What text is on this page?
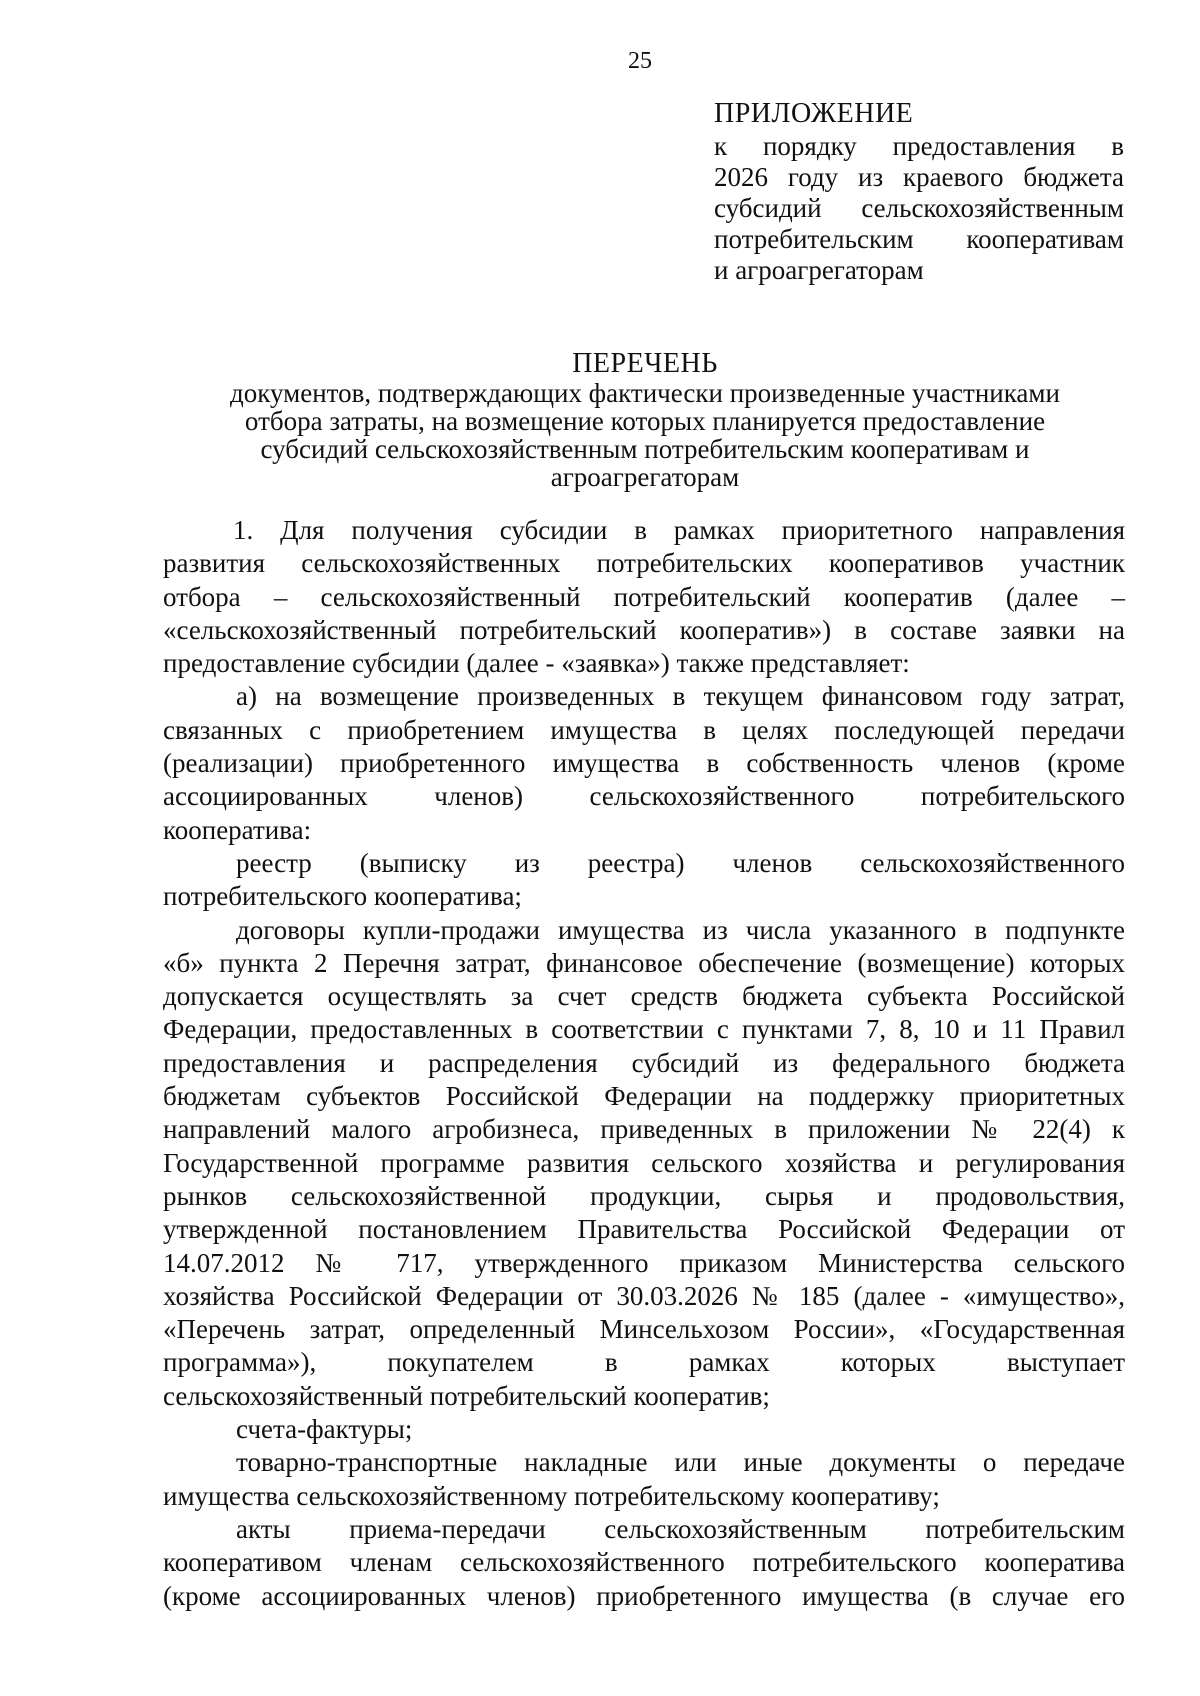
25
ПРИЛОЖЕНИЕ
к порядку предоставления в
2026 году из краевого бюджета
субсидий сельскохозяйственным
потребительским кооперативам
и агроагрегаторам
ПЕРЕЧЕНЬ
документов, подтверждающих фактически произведенные участниками
отбора затраты, на возмещение которых планируется предоставление
субсидий сельскохозяйственным потребительским кооперативам и
агроагрегаторам
1. Для получения субсидии в рамках приоритетного направления
развития сельскохозяйственных потребительских кооперативов участник
отбора – сельскохозяйственный потребительский кооператив (далее –
«сельскохозяйственный потребительский кооператив») в составе заявки на
предоставление субсидии (далее - «заявка») также представляет:
а) на возмещение произведенных в текущем финансовом году затрат,
связанных с приобретением имущества в целях последующей передачи
(реализации) приобретенного имущества в собственность членов (кроме
ассоциированных членов) сельскохозяйственного потребительского
кооператива:
реестр (выписку из реестра) членов сельскохозяйственного
потребительского кооператива;
договоры купли-продажи имущества из числа указанного в подпункте
«б» пункта 2 Перечня затрат, финансовое обеспечение (возмещение) которых
допускается осуществлять за счет средств бюджета субъекта Российской
Федерации, предоставленных в соответствии с пунктами 7, 8, 10 и 11 Правил
предоставления и распределения субсидий из федерального бюджета
бюджетам субъектов Российской Федерации на поддержку приоритетных
направлений малого агробизнеса, приведенных в приложении № 22(4) к
Государственной программе развития сельского хозяйства и регулирования
рынков сельскохозяйственной продукции, сырья и продовольствия,
утвержденной постановлением Правительства Российской Федерации от
14.07.2012 № 717, утвержденного приказом Министерства сельского
хозяйства Российской Федерации от 30.03.2026 № 185 (далее - «имущество»,
«Перечень затрат, определенный Минсельхозом России», «Государственная
программа»), покупателем в рамках которых выступает
сельскохозяйственный потребительский кооператив;
счета-фактуры;
товарно-транспортные накладные или иные документы о передаче
имущества сельскохозяйственному потребительскому кооперативу;
акты приема-передачи сельскохозяйственным потребительским
кооперативом членам сельскохозяйственного потребительского кооператива
(кроме ассоциированных членов) приобретенного имущества (в случае его
